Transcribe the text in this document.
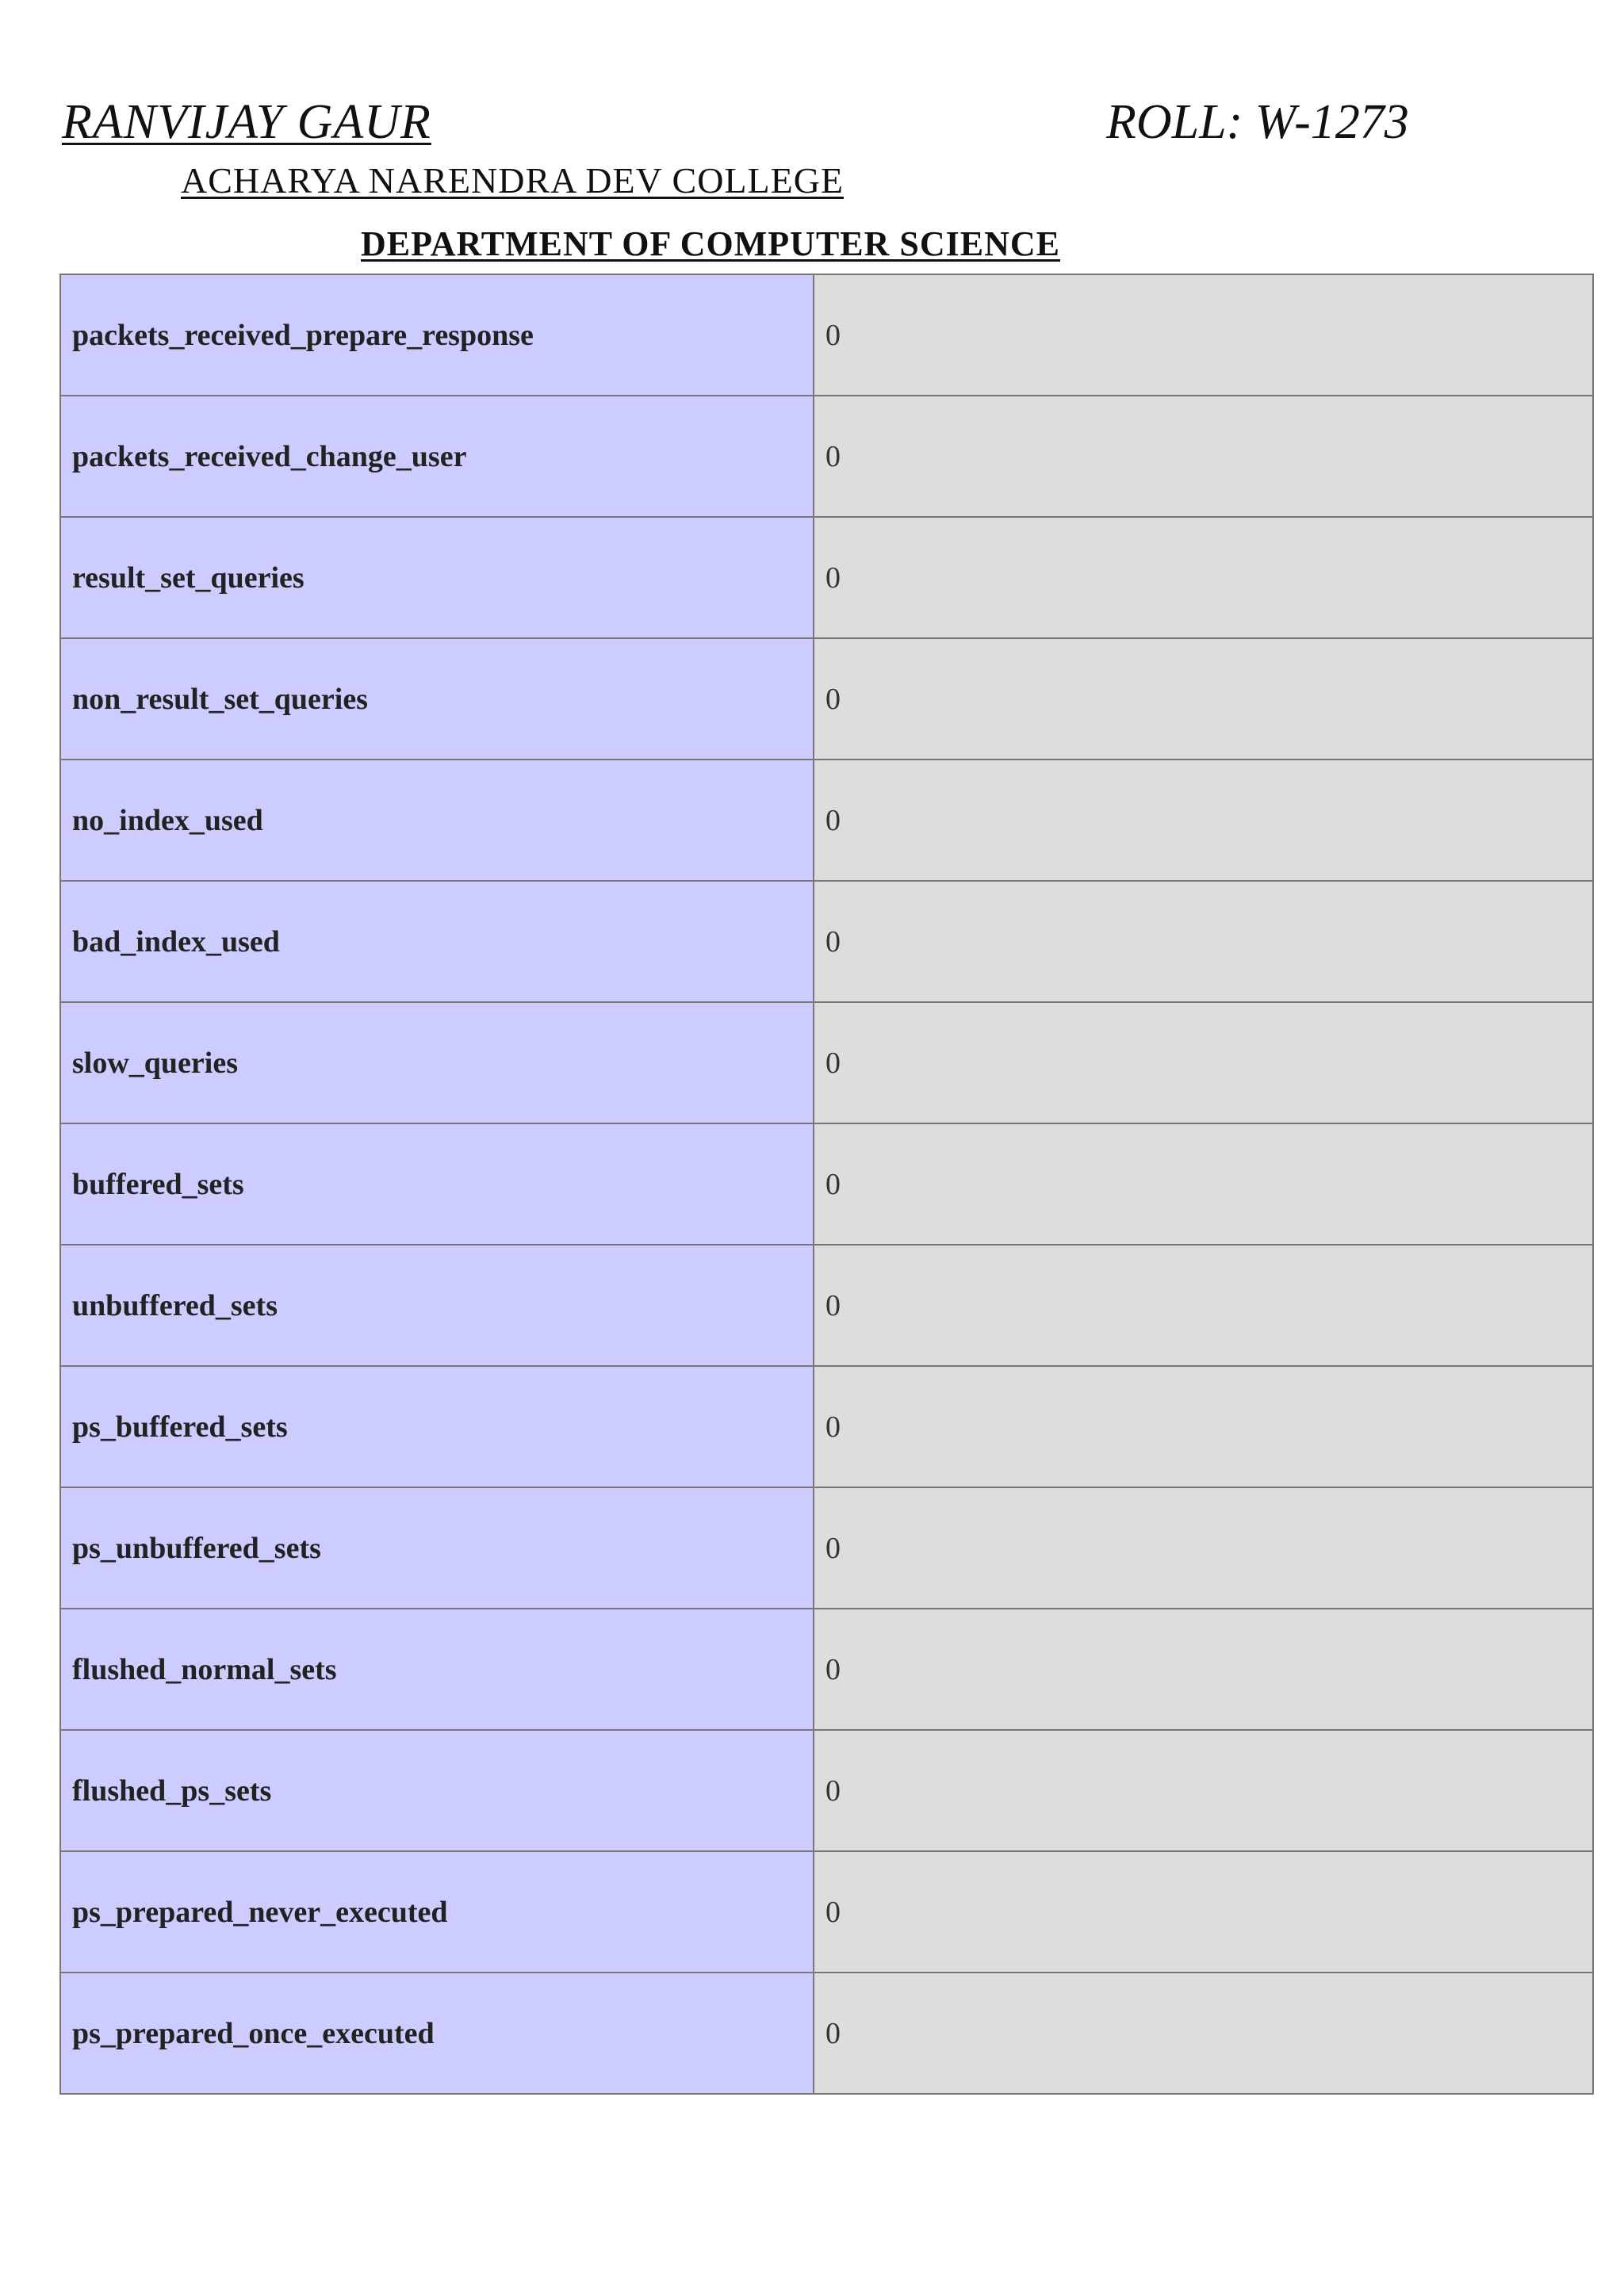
RANVIJAY GAUR	ROLL: W-1273
ACHARYA NARENDRA DEV COLLEGE
DEPARTMENT OF COMPUTER SCIENCE
packets_received_prepare_response	0
packets_received_change_user	0
result_set_queries	0
non_result_set_queries	0
no_index_used	0
bad_index_used	0
slow_queries	0
buffered_sets	0
unbuffered_sets	0
ps_buffered_sets	0
ps_unbuffered_sets	0
flushed_normal_sets	0
flushed_ps_sets	0
ps_prepared_never_executed	0
ps_prepared_once_executed	0
